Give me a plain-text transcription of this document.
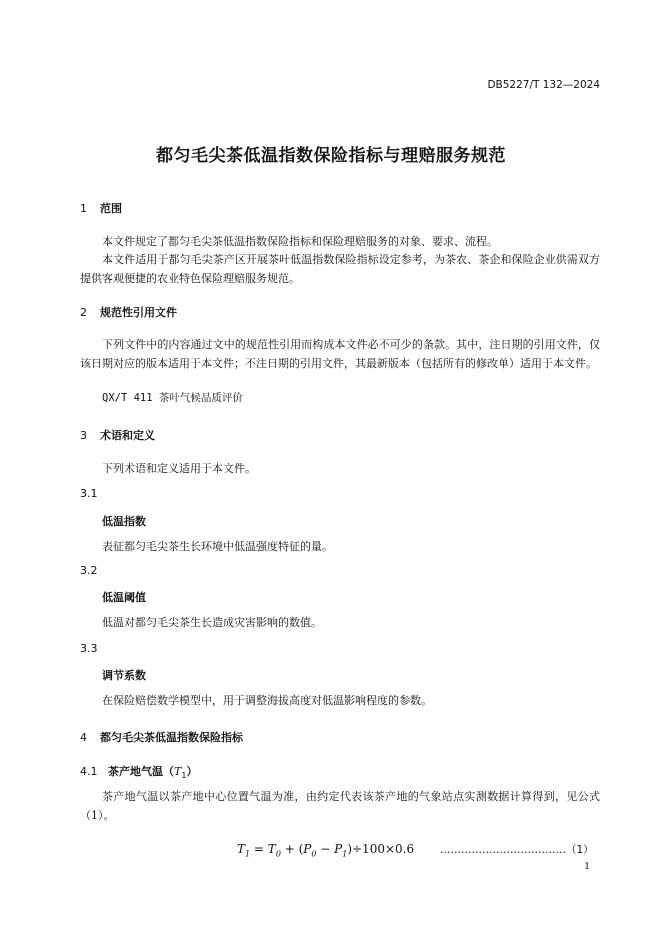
DB5227/T 132—2024
都匀毛尖茶低温指数保险指标与理赔服务规范
1 范围
本文件规定了都匀毛尖茶低温指数保险指标和保险理赔服务的对象、要求、流程。
本文件适用于都匀毛尖茶产区开展茶叶低温指数保险指标设定参考，为茶农、茶企和保险企业供需双方提供客观便捷的农业特色保险理赔服务规范。
2 规范性引用文件
下列文件中的内容通过文中的规范性引用而构成本文件必不可少的条款。其中，注日期的引用文件，仅该日期对应的版本适用于本文件；不注日期的引用文件，其最新版本（包括所有的修改单）适用于本文件。
QX/T 411 茶叶气候品质评价
3 术语和定义
下列术语和定义适用于本文件。
3.1
低温指数
表征都匀毛尖茶生长环境中低温强度特征的量。
3.2
低温阈值
低温对都匀毛尖茶生长造成灾害影响的数值。
3.3
调节系数
在保险赔偿数学模型中，用于调整海拔高度对低温影响程度的参数。
4 都匀毛尖茶低温指数保险指标
4.1 茶产地气温$(T_1)$
茶产地气温以茶产地中心位置气温为准，由约定代表该茶产地的气象站点实测数据计算得到，见公式（1）。
$T_1 = T_0 + (P_0 - P_1)\div 100\times 0.6$ ………………………………（1）
1
